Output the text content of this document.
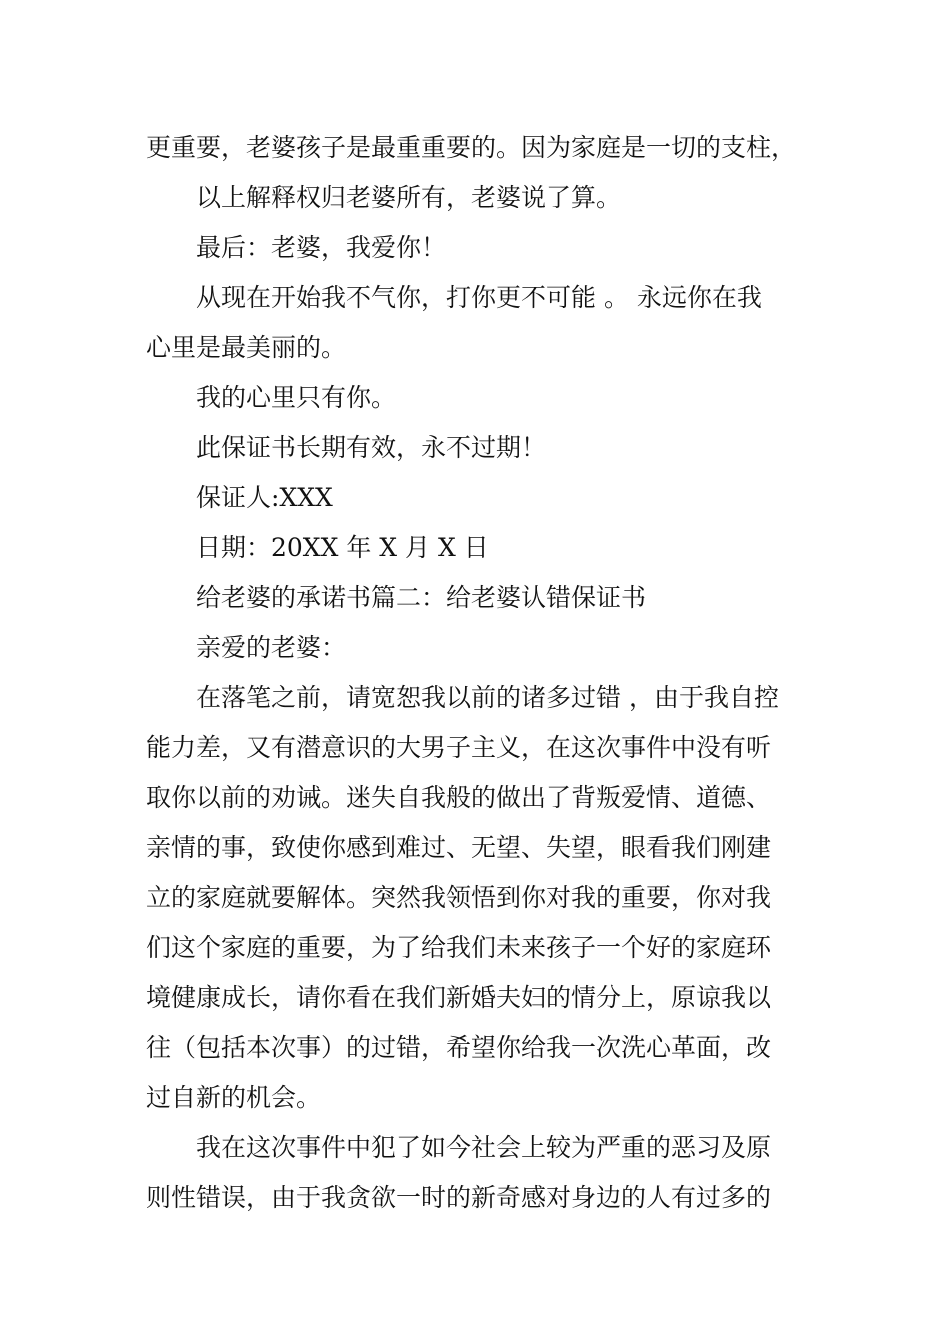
更重要，老婆孩子是最重重要的。因为家庭是一切的支柱，
以上解释权归老婆所有，老婆说了算。
最后：老婆，我爱你！
从现在开始我不气你，打你更不可能 。 永远你在我
心里是最美丽的。
我的心里只有你。
此保证书长期有效，永不过期！
保证人:XXX
日期：20XX 年 X 月 X 日
给老婆的承诺书篇二：给老婆认错保证书
亲爱的老婆：
在落笔之前，请宽恕我以前的诸多过错 ，由于我自控
能力差，又有潜意识的大男子主义，在这次事件中没有听
取你以前的劝诫。迷失自我般的做出了背叛爱情、道德、
亲情的事，致使你感到难过、无望、失望，眼看我们刚建
立的家庭就要解体。突然我领悟到你对我的重要，你对我
们这个家庭的重要，为了给我们未来孩子一个好的家庭环
境健康成长，请你看在我们新婚夫妇的情分上，原谅我以
往（包括本次事）的过错，希望你给我一次洗心革面，改
过自新的机会。
我在这次事件中犯了如今社会上较为严重的恶习及原
则性错误，由于我贪欲一时的新奇感对身边的人有过多的
